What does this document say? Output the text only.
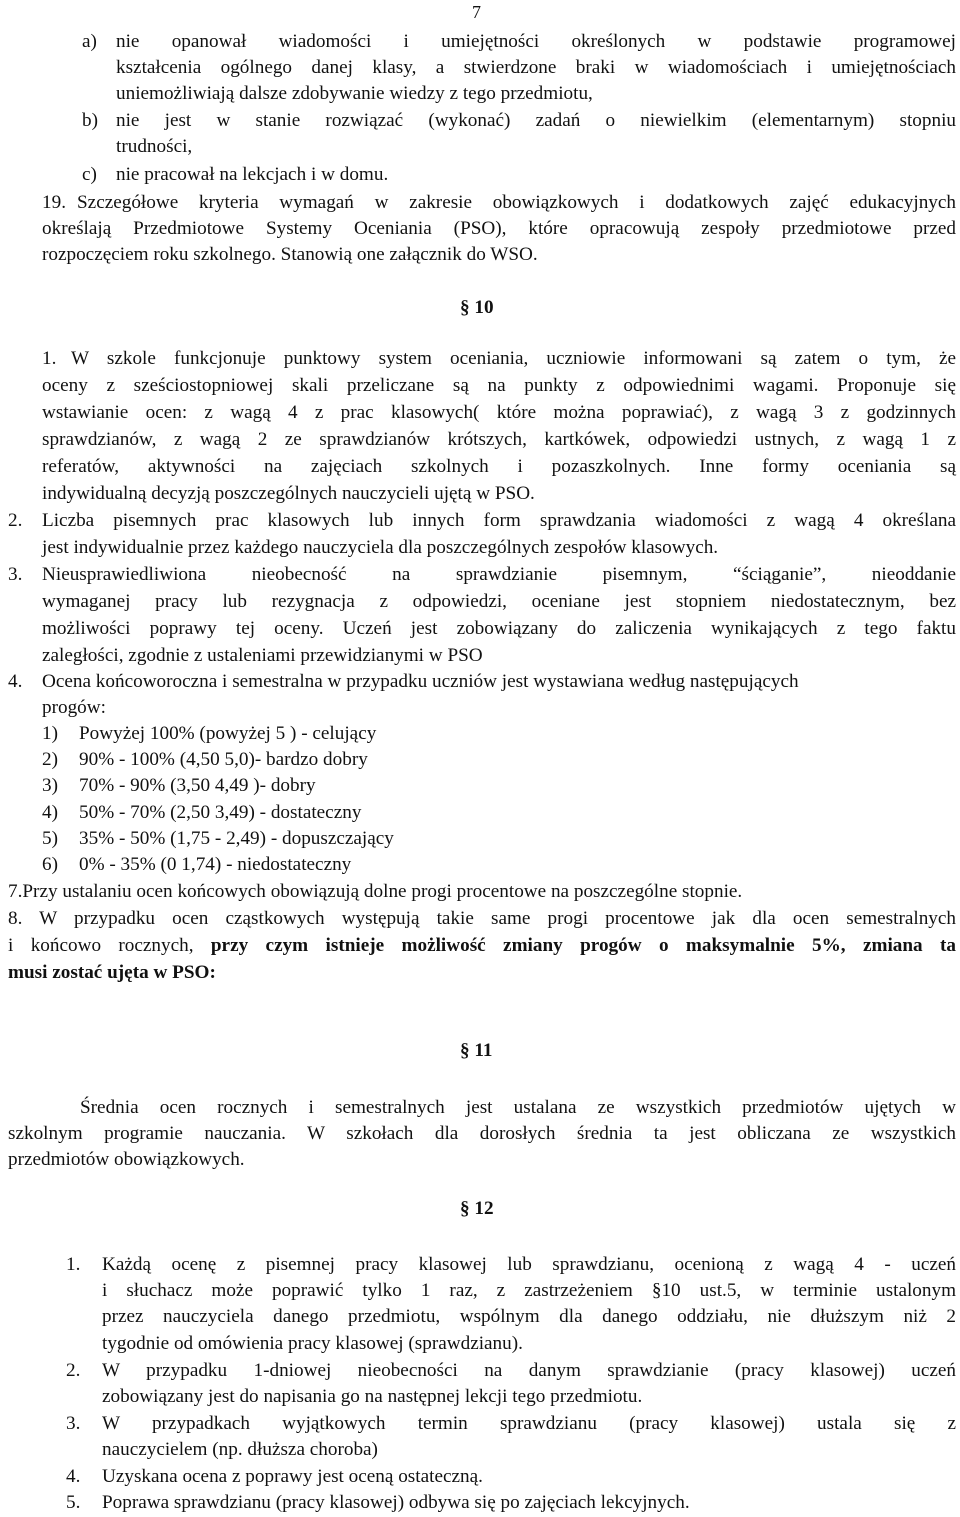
7
a) nie opanował wiadomości i umiejętności określonych w podstawie programowej
kształcenia ogólnego danej klasy, a stwierdzone braki w wiadomościach i umiejętnościach
uniemożliwiają dalsze zdobywanie wiedzy z tego przedmiotu,
b) nie jest w stanie rozwiązać (wykonać) zadań o niewielkim (elementarnym) stopniu
trudności,
c) nie pracował na lekcjach i w domu.
19. Szczegółowe kryteria wymagań w zakresie obowiązkowych i dodatkowych zajęć edukacyjnych
określają Przedmiotowe Systemy Oceniania (PSO), które opracowują zespoły przedmiotowe przed
rozpoczęciem roku szkolnego. Stanowią one załącznik do WSO.
§ 10
1. W szkole funkcjonuje punktowy system oceniania, uczniowie informowani są zatem o tym, że
oceny z sześciostopniowej skali przeliczane są na punkty z odpowiednimi wagami. Proponuje się
wstawianie ocen: z wagą 4 z prac klasowych( które można poprawiać), z wagą 3 z godzinnych
sprawdzianów, z wagą 2 ze sprawdzianów krótszych, kartkówek, odpowiedzi ustnych, z wagą 1 z
referatów, aktywności na zajęciach szkolnych i pozaszkolnych. Inne formy oceniania są
indywidualną decyzją poszczególnych nauczycieli ujętą w PSO.
2. Liczba pisemnych prac klasowych lub innych form sprawdzania wiadomości z wagą 4 określana
jest indywidualnie przez każdego nauczyciela dla poszczególnych zespołów klasowych.
3. Nieusprawiedliwiona nieobecność na sprawdzianie pisemnym, “ściąganie”, nieoddanie
wymaganej pracy lub rezygnacja z odpowiedzi, oceniane jest stopniem niedostatecznym, bez
możliwości poprawy tej oceny. Uczeń jest zobowiązany do zaliczenia wynikających z tego faktu
zaległości, zgodnie z ustaleniami przewidzianymi w PSO
4. Ocena końcoworoczna i semestralna w przypadku uczniów jest wystawiana według następujących
progów:
1) Powyżej 100% (powyżej 5 ) - celujący
2) 90% - 100% (4,50 5,0)- bardzo dobry
3) 70% - 90% (3,50 4,49 )- dobry
4) 50% - 70% (2,50 3,49) - dostateczny
5) 35% - 50% (1,75 - 2,49) - dopuszczający
6) 0% - 35% (0 1,74) - niedostateczny
7.Przy ustalaniu ocen końcowych obowiązują dolne progi procentowe na poszczególne stopnie.
8. W przypadku ocen cząstkowych występują takie same progi procentowe jak dla ocen semestralnych
i końcowo rocznych, przy czym istnieje możliwość zmiany progów o maksymalnie 5%, zmiana ta
musi zostać ujęta w PSO:
§ 11
Średnia ocen rocznych i semestralnych jest ustalana ze wszystkich przedmiotów ujętych w
szkolnym programie nauczania. W szkołach dla dorosłych średnia ta jest obliczana ze wszystkich
przedmiotów obowiązkowych.
§ 12
1. Każdą ocenę z pisemnej pracy klasowej lub sprawdzianu, ocenioną z wagą 4 - uczeń
i słuchacz może poprawić tylko 1 raz, z zastrzeżeniem §10 ust.5, w terminie ustalonym
przez nauczyciela danego przedmiotu, wspólnym dla danego oddziału, nie dłuższym niż 2
tygodnie od omówienia pracy klasowej (sprawdzianu).
2. W przypadku 1-dniowej nieobecności na danym sprawdzianie (pracy klasowej) uczeń
zobowiązany jest do napisania go na następnej lekcji tego przedmiotu.
3. W przypadkach wyjątkowych termin sprawdzianu (pracy klasowej) ustala się z
nauczycielem (np. dłuższa choroba)
4. Uzyskana ocena z poprawy jest oceną ostateczną.
5. Poprawa sprawdzianu (pracy klasowej) odbywa się po zajęciach lekcyjnych.
